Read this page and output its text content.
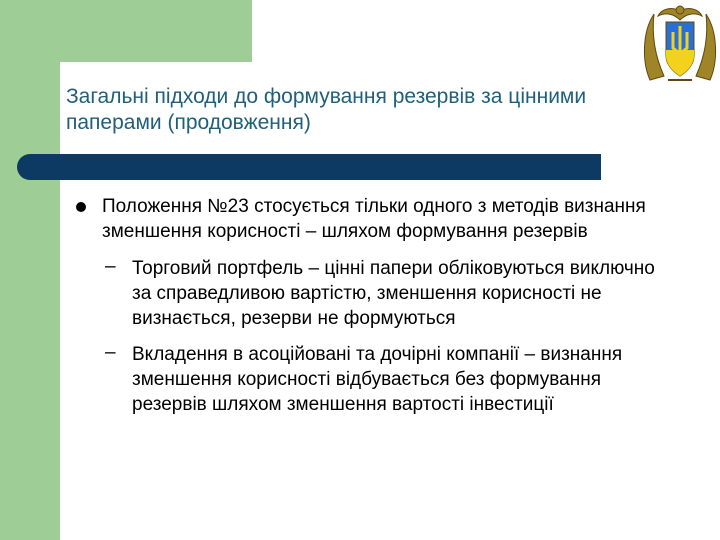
Загальні підходи до формування резервів за цінними паперами (продовження)
Положення №23 стосується тільки одного з методів визнання зменшення корисності – шляхом формування резервів
– Торговий портфель – цінні папери обліковуються виключно за справедливою вартістю, зменшення корисності не визнається, резерви не формуються
– Вкладення в асоційовані та дочірні компанії – визнання зменшення корисності відбувається без формування резервів шляхом зменшення вартості інвестиції
